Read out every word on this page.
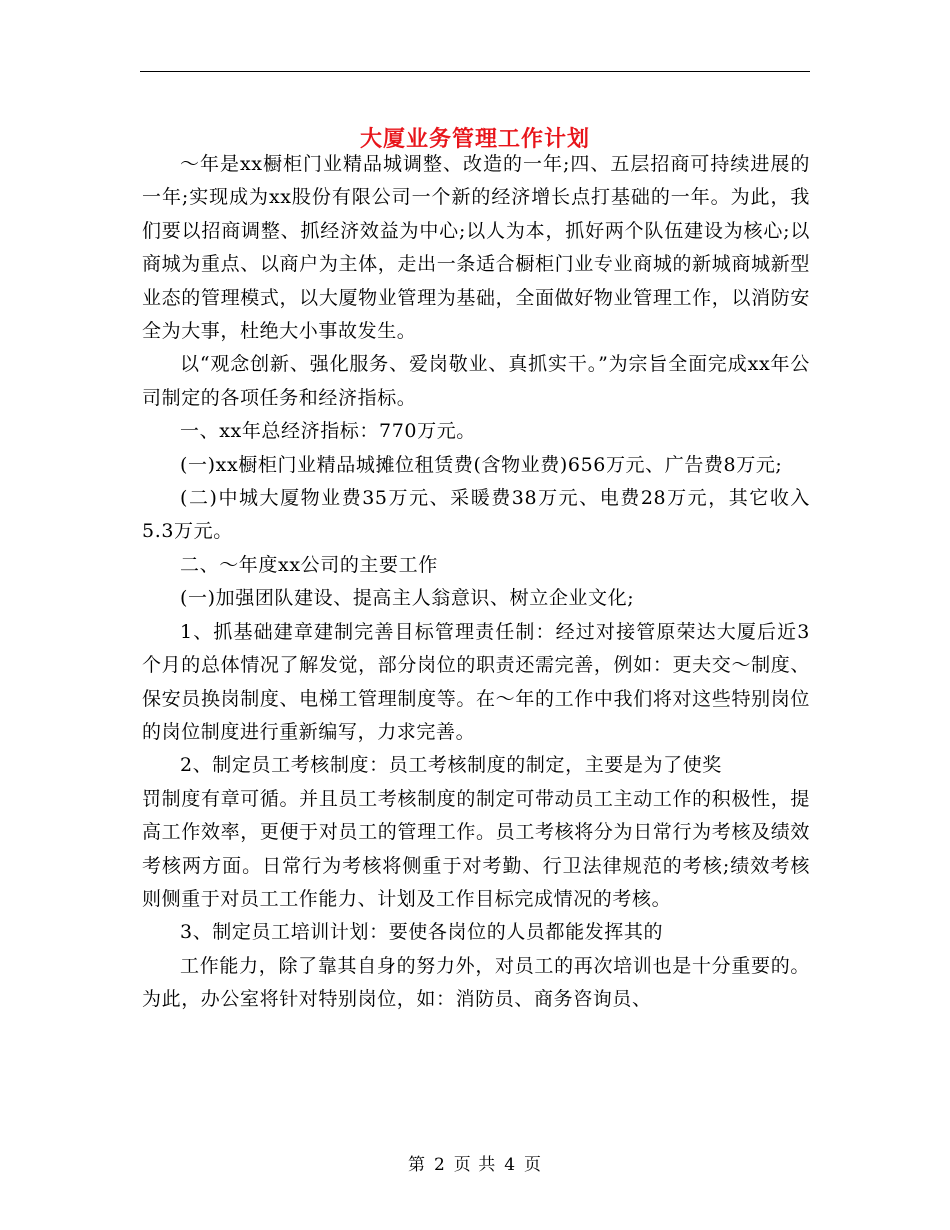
大厦业务管理工作计划

～年是xx橱柜门业精品城调整、改造的一年;四、五层招商可持续进展的一年;实现成为xx股份有限公司一个新的经济增长点打基础的一年。为此，我们要以招商调整、抓经济效益为中心;以人为本，抓好两个队伍建设为核心;以商城为重点、以商户为主体，走出一条适合橱柜门业专业商城的新城商城新型业态的管理模式，以大厦物业管理为基础，全面做好物业管理工作，以消防安全为大事，杜绝大小事故发生。

以“观念创新、强化服务、爱岗敬业、真抓实干。”为宗旨全面完成xx年公司制定的各项任务和经济指标。

一、xx年总经济指标：770万元。

(一)xx橱柜门业精品城摊位租赁费(含物业费)656万元、广告费8万元;

(二)中城大厦物业费35万元、采暖费38万元、电费28万元，其它收入5.3万元。

二、～年度xx公司的主要工作

(一)加强团队建设、提高主人翁意识、树立企业文化;

1、抓基础建章建制完善目标管理责任制：经过对接管原荣达大厦后近3个月的总体情况了解发觉，部分岗位的职责还需完善，例如：更夫交～制度、保安员换岗制度、电梯工管理制度等。在～年的工作中我们将对这些特别岗位的岗位制度进行重新编写，力求完善。

2、制定员工考核制度：员工考核制度的制定，主要是为了使奖

罚制度有章可循。并且员工考核制度的制定可带动员工主动工作的积极性，提高工作效率，更便于对员工的管理工作。员工考核将分为日常行为考核及绩效考核两方面。日常行为考核将侧重于对考勤、行卫法律规范的考核;绩效考核则侧重于对员工工作能力、计划及工作目标完成情况的考核。

3、制定员工培训计划：要使各岗位的人员都能发挥其的

工作能力，除了靠其自身的努力外，对员工的再次培训也是十分重要的。为此，办公室将针对特别岗位，如：消防员、商务咨询员、

第 2 页 共 4 页
